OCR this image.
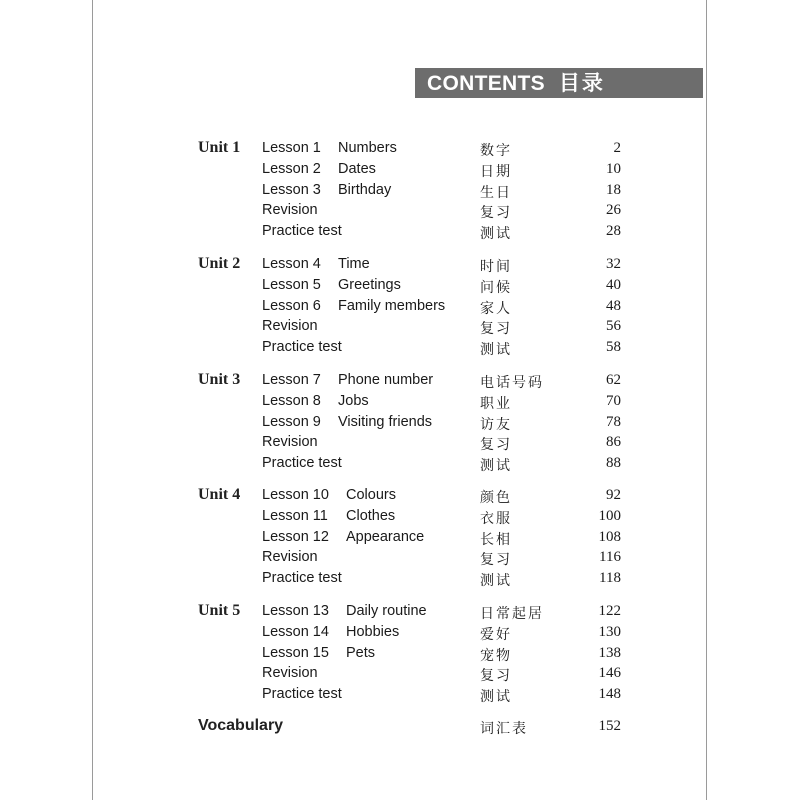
CONTENTS 目录
Unit 1 Lesson 1 Numbers	数字	2
Lesson 2 Dates	日期	10
Lesson 3 Birthday	生日	18
Revision	复习	26
Practice test	测试	28
Unit 2 Lesson 4 Time	时间	32
Lesson 5 Greetings	问候	40
Lesson 6 Family members 家人	48
Revision	复习	56
Practice test	测试	58
Unit 3 Lesson 7 Phone number	电话号码	62
Lesson 8 Jobs	职业	70
Lesson 9 Visiting friends	访友	78
Revision	复习	86
Practice test	测试	88
Unit 4 Lesson 10 Colours	颜色	92
Lesson 11 Clothes	衣服	100
Lesson 12 Appearance	长相	108
Revision	复习	116
Practice test	测试	118
Unit 5 Lesson 13 Daily routine	日常起居	122
Lesson 14 Hobbies	爱好	130
Lesson 15 Pets	宠物	138
Revision	复习	146
Practice test	测试	148
Vocabulary	词汇表	152
